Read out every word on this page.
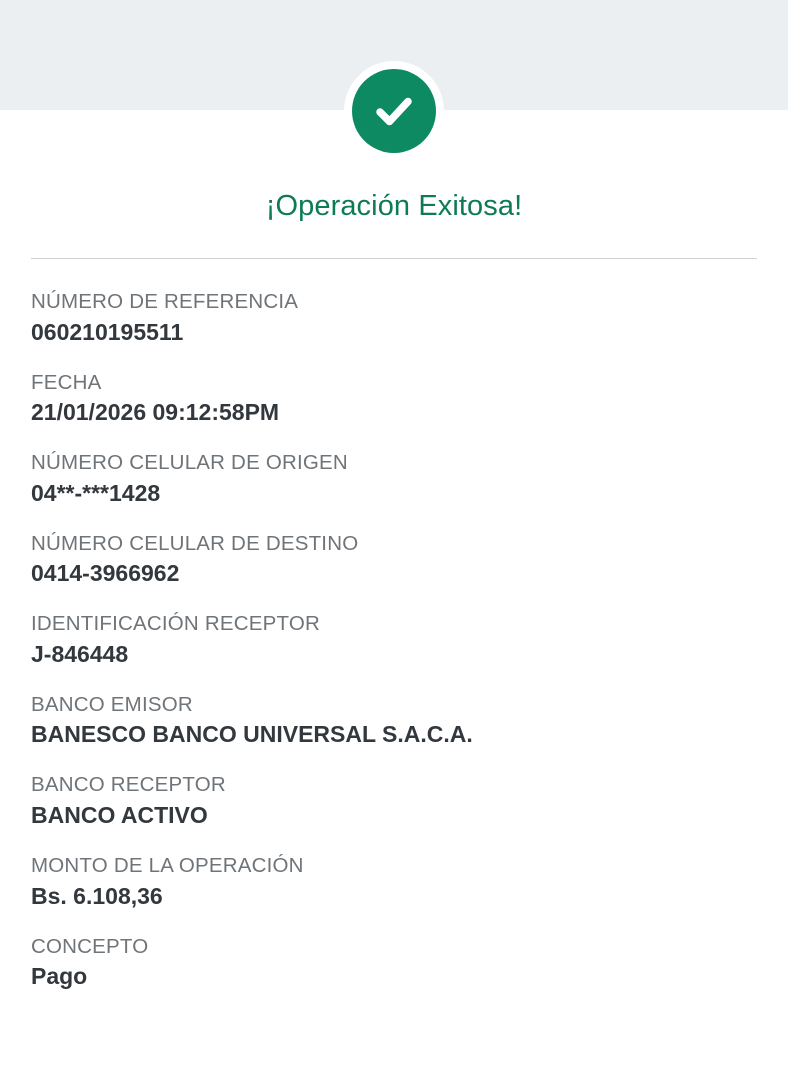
¡Operación Exitosa!
NÚMERO DE REFERENCIA
060210195511
FECHA
21/01/2026 09:12:58PM
NÚMERO CELULAR DE ORIGEN
04**-***1428
NÚMERO CELULAR DE DESTINO
0414-3966962
IDENTIFICACIÓN RECEPTOR
J-846448
BANCO EMISOR
BANESCO BANCO UNIVERSAL S.A.C.A.
BANCO RECEPTOR
BANCO ACTIVO
MONTO DE LA OPERACIÓN
Bs. 6.108,36
CONCEPTO
Pago
